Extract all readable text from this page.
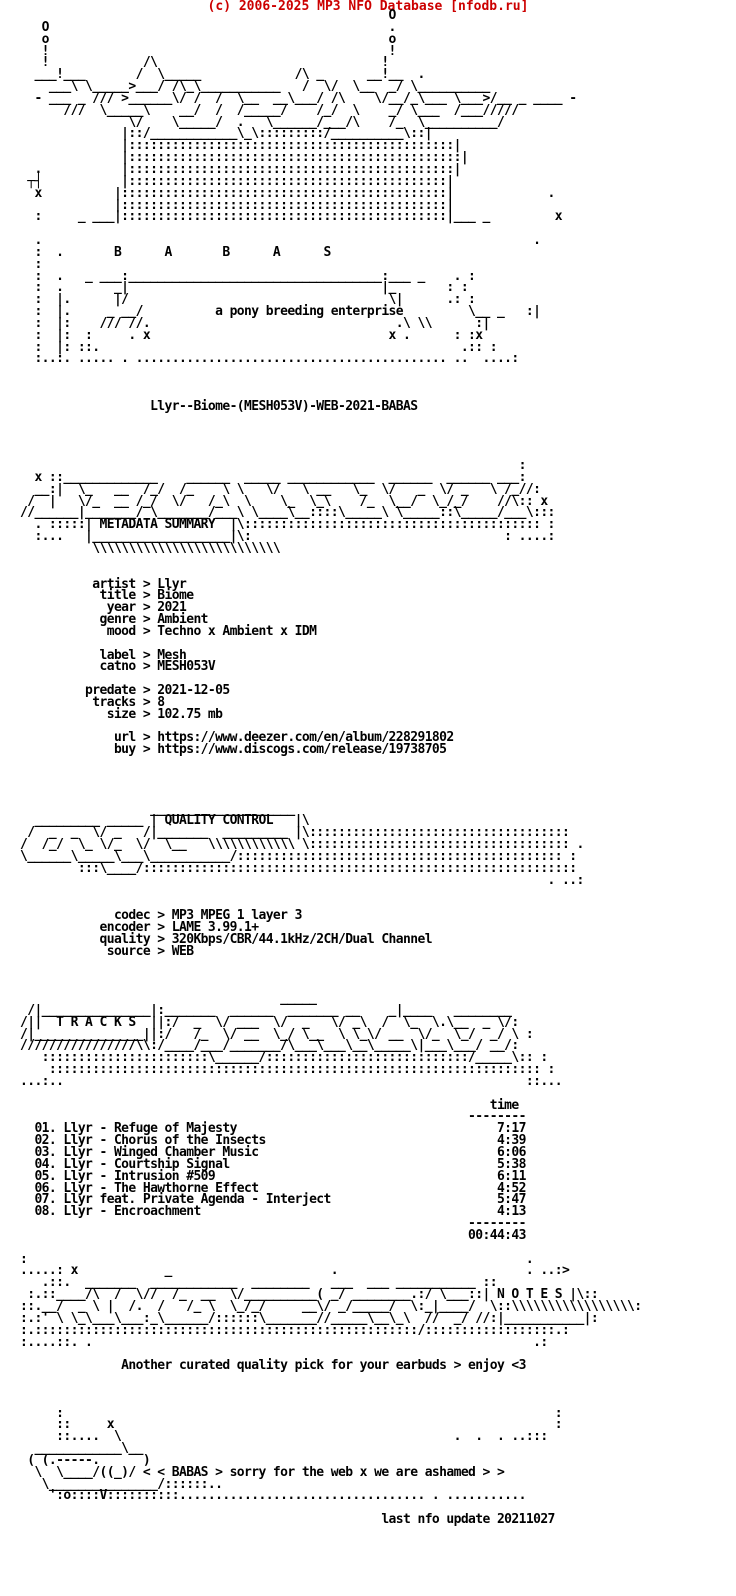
(c) 2006-2025 MP3 NFO Database [nfodb.ru]
O
O                                               .
o                                               o
!                                               !
!             /\                               !
___!___       /  \_____             /\ _      __!__  .
___\ \_____>___/ /\_\___________   /  \/  \__  _/ \__________
- ___ _ /// >______\/ /  /  \__  __\___/ /\    \/__/_\___ \___>/__ _ ____ -
///  \_____\    __/  /  /_____/    /_/  \    _/ \___  /___/////
\/    \_____/  .   \______/___/\    /_  \__________/
|::/____________\_\:::::::::/__________\::|
|:::::::::::::::::::::::::::::::::::::::::::::|
|::::::::::::::::::::::::::::::::::::::::::::::|
.           |:::::::::::::::::::::::::::::::::::::::::::::|
┬┤           |::::::::::::::::::::::::::::::::::::::::::::|
x          |:::::::::::::::::::::::::::::::::::::::::::::|             .
|:::::::::::::::::::::::::::::::::::::::::::::|
:     _ ___|:::::::::::::::::::::::::::::::::::::::::::::|___ _         x

.                                                                    .
:  .       B      A       B      A      S
:
:  .   _ ___:___________________________________:___ _    . :
:  .       _|                                   |_       : :
:  |.      |/                                    \|      .: :
:  |.     _ __/          a pony breeding enterprise         \__ _   :|
:  |:    /// //.                                  .\ \\      :|
:  |:  :     . x                                 x .      : :x
:  |: ::.                                                  .:: :
:..:. ..... . ........................................... ..  ....:

Llyr--Biome-(MESH053V)-WEB-2021-BABAS

:
x ::_____________    ______  _____ ____________  ______  ______ ___:
__:|  \_   __  /_/  /_    \ \   \/   \ __   \_  \/   _  \/ _   \ /_//:
/  |   \/_  __ /_/  \/   /_\  \    \_  \_\    /_  \__/  \_/_/    //\:: x
//______|_______/ \_______/___\ \____\__::::\_____\ \_____::\_____/___\:::
. :::::| METADATA SUMMARY  |\::::::::::::::::::::::::::::::::::::::::: :
:...   |___________________|\:                                   : ....:
\\\\\\\\\\\\\\\\\\\\\\\\\\

artist > Llyr
title > Biome
year > 2021
genre > Ambient
mood > Techno x Ambient x IDM

label > Mesh
catno > MESH053V

predate > 2021-12-05
tracks > 8
size > 102.75 mb

url > https://www.deezer.com/en/album/228291802
buy > https://www.discogs.com/release/19738705

____________________
_________ _____ | QUALITY CONTROL   |\
/  _  _  \/ _   /|_______  _________ |\::::::::::::::::::::::::::::::::::::
/  /_/  \_ \/_  \/  \__   \\\\\\\\\\\\ \:::::::::::::::::::::::::::::::::::: .
\______\_____\___\___________/::::::::::::::::::::::::::::::::::::::::::::: :
:::\____/::::::::::::::::::::::::::::::::::::::::::::::::::::::::::::
. ..:

codec > MP3 MPEG 1 layer 3
encoder > LAME 3.99.1+
quality > 320Kbps/CBR/44.1kHz/2CH/Dual Channel
source > WEB

_____
/|_______________|:_______  ______  _______ __    _|____   ________
/||  T R A C K S  ||:/  _  \/ ___  \/  _   \/ _\  /  \_  \.\__  _ \/:
/|_______________||:/   /_  \/ __  \_/ \__  \ \_\/ __  \/_  \_/  _/ \ :
////////////////\\:/____/___/_______/\___\___\__\_____\|___\___/ __/:
:::::::::::::::::::::::\______/::::::::::::::::::::::::::::/_____\:: :
:::::::::::::::::::::::::::::::::::::::::::::::::::::::::::::::::::: :
...:..                                                                ::...

time
--------
01. Llyr - Refuge of Majesty                                    7:17
02. Llyr - Chorus of the Insects                                4:39
03. Llyr - Winged Chamber Music                                 6:06
04. Llyr - Courtship Signal                                     5:38
05. Llyr - Intrusion #509                                       6:11
06. Llyr - The Hawthorne Effect                                 4:52
07. Llyr feat. Private Agenda - Interject                       5:47
08. Llyr - Encroachment                                         4:13
--------
00:44:43

:                                                                     .
.....: x            _                      .                          . ..:>
.::.  _______  ____________  ________   ___  ___ ___________ ::
:.::____/\  /  \//  /_  __  \/__________( _/ ________.:/ \___::| N O T E S |\::
::.__/  _ \ |  /.  /   /_ \  \_/_/     __\/ _/_____/  \:_|____/  \::\\\\\\\\\\\\\\\\\:
:.:' \ \_\___\___:_\______/::::::\_______//_____\__\_\  //  _/ //:|___________|:
:.:::::::::::::::::::::::::::::::::::::::::::::::::::::/::::::::::::::::::.:
:....::. .                                                             .:

Another curated quality pick for your earbuds > enjoy <3

:                                                                    :
::     x                                                             :
::....  \                                              .  .  . ..:::
____________\__
( (.-----.      )
\  \____/((_)/ < < BABAS > sorry for the web x we are ashamed > >
\_______________/::::::..
':o::::V::::::::::.................................. . ...........

last nfo update 20211027
